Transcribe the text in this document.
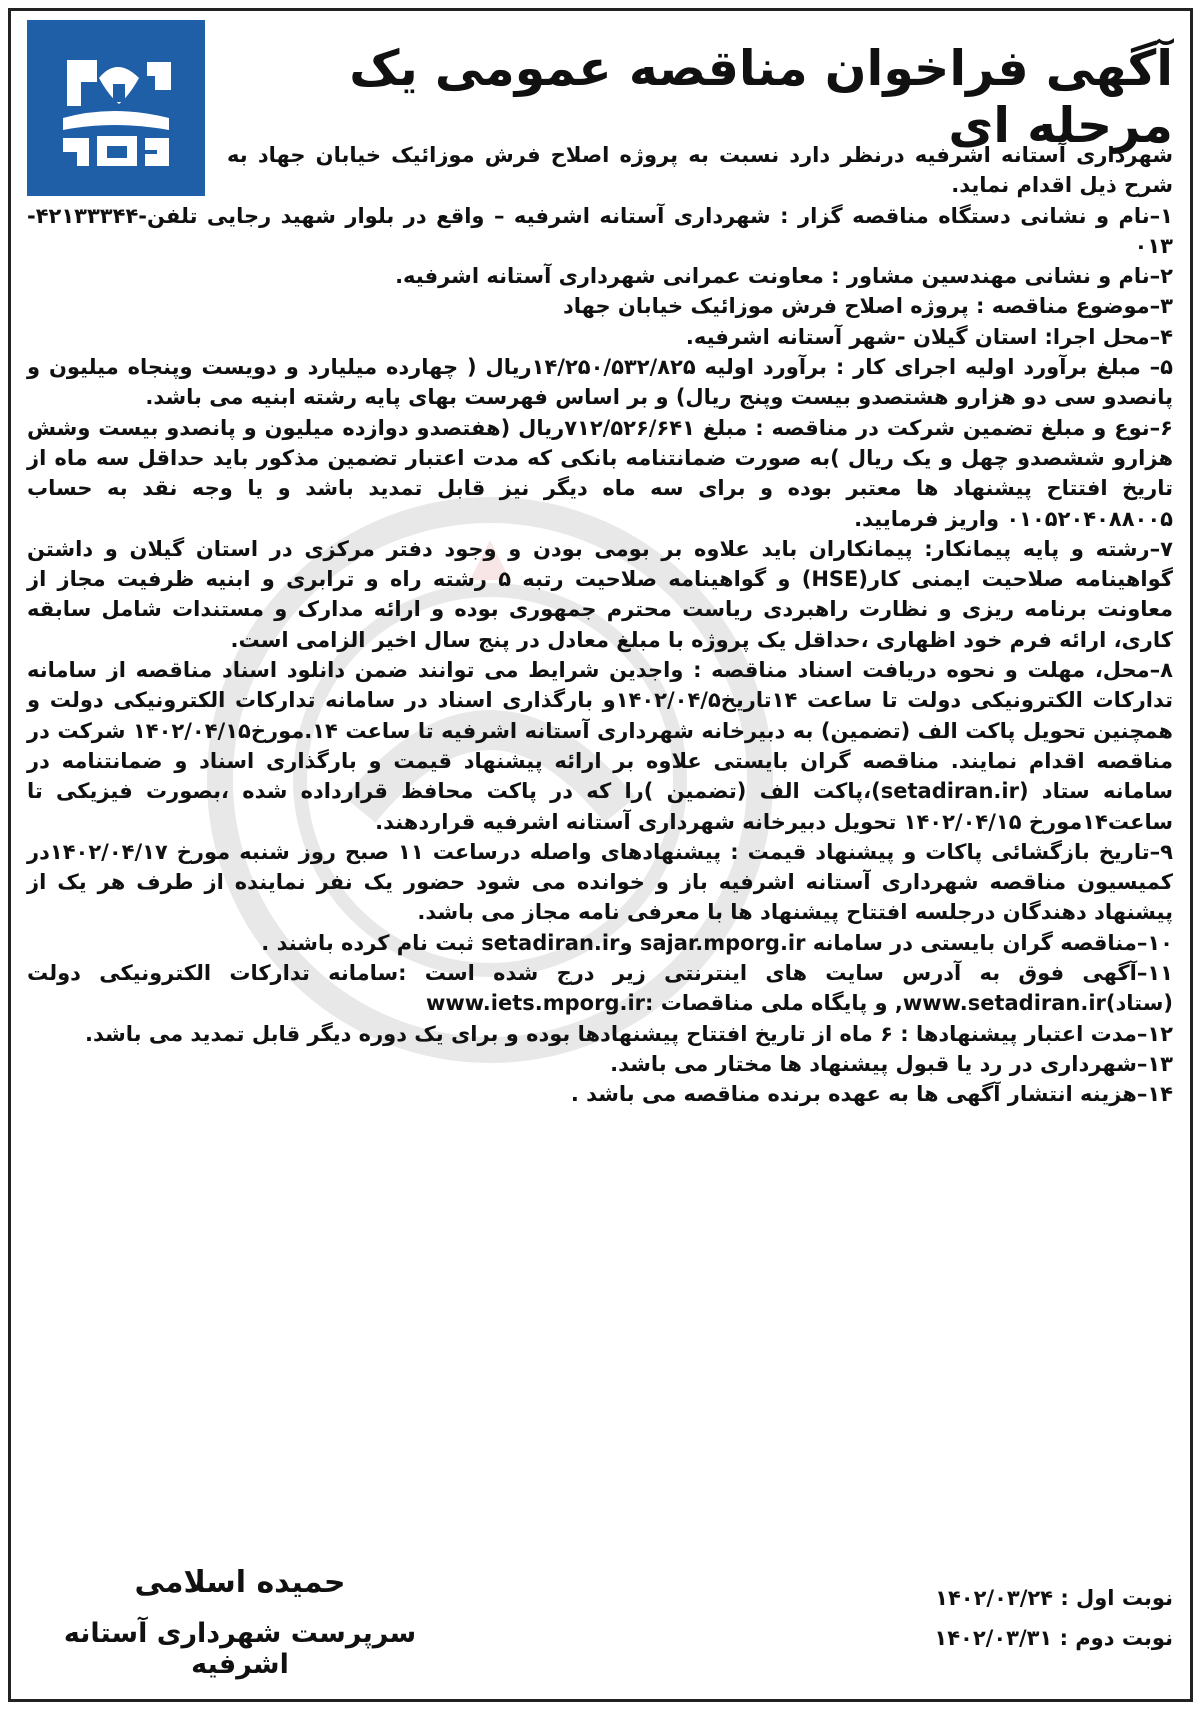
آگهی فراخوان مناقصه عمومی یک مرحله ای

شهرداری آستانه اشرفیه درنظر دارد نسبت به پروژه اصلاح فرش موزائیک خیابان جهاد به شرح ذیل اقدام نماید.

۱–نام و نشانی دستگاه مناقصه گزار : شهرداری آستانه اشرفیه – واقع در بلوار شهید رجایی تلفن-۴۲۱۳۳۳۴۴- ۰۱۳

۲–نام و نشانی مهندسین مشاور : معاونت عمرانی شهرداری آستانه اشرفیه.

۳–موضوع مناقصه : پروژه اصلاح فرش موزائیک خیابان جهاد

۴–محل اجرا: استان گیلان -شهر آستانه اشرفیه.

۵– مبلغ برآورد اولیه اجرای کار : برآورد اولیه ۱۴/۲۵۰/۵۳۲/۸۲۵ریال ( چهارده میلیارد و دویست وپنجاه میلیون و پانصدو سی دو هزارو هشتصدو بیست وپنج ریال) و بر اساس فهرست بهای پایه رشته ابنیه می باشد.

۶–نوع و مبلغ تضمین شرکت در مناقصه : مبلغ ۷۱۲/۵۲۶/۶۴۱ریال (هفتصدو دوازده میلیون و پانصدو بیست وشش هزارو ششصدو چهل و یک ریال )به صورت ضمانتنامه بانکی که مدت اعتبار تضمین مذکور باید حداقل سه ماه از تاریخ افتتاح پیشنهاد ها معتبر بوده و برای سه ماه دیگر نیز قابل تمدید باشد و یا وجه نقد به حساب ۰۱۰۵۲۰۴۰۸۸۰۰۵ واریز فرمایید.

۷–رشته و پایه پیمانکار: پیمانکاران باید علاوه بر بومی بودن و وجود دفتر مرکزی در استان گیلان و داشتن گواهینامه صلاحیت ایمنی کار(HSE) و گواهینامه صلاحیت رتبه ۵ رشته راه و ترابری و ابنیه ظرفیت مجاز از معاونت برنامه ریزی و نظارت راهبردی ریاست محترم جمهوری بوده و ارائه مدارک و مستندات شامل سابقه کاری، ارائه فرم خود اظهاری ،حداقل یک پروژه با مبلغ معادل در پنج سال اخیر الزامی است.

۸–محل، مهلت و نحوه دریافت اسناد مناقصه : واجدین شرایط می توانند ضمن دانلود اسناد مناقصه از سامانه تدارکات الکترونیکی دولت تا ساعت ۱۴تاریخ۱۴۰۲/۰۴/۵و بارگذاری اسناد در سامانه تدارکات الکترونیکی دولت و همچنین تحویل پاکت الف (تضمین) به دبیرخانه شهرداری آستانه اشرفیه تا ساعت ۱۴.مورخ۱۴۰۲/۰۴/۱۵ شرکت در مناقصه اقدام نمایند. مناقصه گران بایستی علاوه بر ارائه پیشنهاد قیمت و بارگذاری اسناد و ضمانتنامه در سامانه ستاد (setadiran.ir)،پاکت الف (تضمین )را که در پاکت محافظ قرارداده شده ،بصورت فیزیکی تا ساعت۱۴مورخ ۱۴۰۲/۰۴/۱۵ تحویل دبیرخانه شهرداری آستانه اشرفیه قراردهند.

۹–تاریخ بازگشائی پاکات و پیشنهاد قیمت : پیشنهادهای واصله درساعت ۱۱ صبح روز شنبه مورخ ۱۴۰۲/۰۴/۱۷در کمیسیون مناقصه شهرداری آستانه اشرفیه باز و خوانده می شود حضور یک نفر نماینده از طرف هر یک از پیشنهاد دهندگان درجلسه افتتاح پیشنهاد ها با معرفی نامه مجاز می باشد.

۱۰–مناقصه گران بایستی در سامانه sajar.mporg.ir وsetadiran.ir ثبت نام کرده باشند .

۱۱–آگهی فوق به آدرس سایت های اینترنتی زیر درج شده است :سامانه تدارکات الکترونیکی دولت (ستاد)www.setadiran.ir, و پایگاه ملی مناقصات :www.iets.mporg.ir

۱۲–مدت اعتبار پیشنهادها : ۶ ماه از تاریخ افتتاح پیشنهادها بوده و برای یک دوره دیگر قابل تمدید می باشد.

۱۳–شهرداری در رد یا قبول پیشنهاد ها مختار می باشد.

۱۴–هزینه انتشار آگهی ها به عهده برنده مناقصه می باشد .

حمیده اسلامی
سرپرست شهرداری آستانه اشرفیه
نوبت اول : ۱۴۰۲/۰۳/۲۴
نوبت دوم : ۱۴۰۲/۰۳/۳۱
